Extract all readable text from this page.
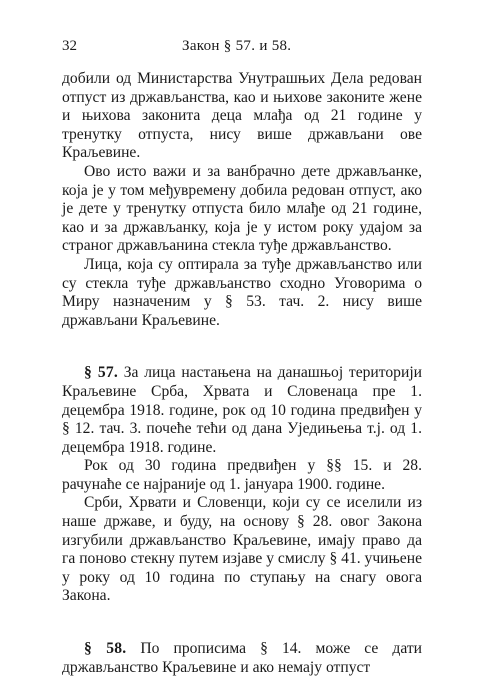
32	Закон § 57. и 58.

добили од Министарства Унутрашњих Дела редован отпуст из држављанства, као и њихове законите жене и њихова законита деца млађа од 21 године у тренутку отпуста, нису више држављани ове Краљевине.

Ово исто важи и за ванбрачно дете држављанке, која је у том међувремену добила редован отпуст, ако је дете у тренутку отпуста било млађе од 21 године, као и за држављанку, која је у истом року удајом за страног држављанина стекла туђе држављанство.

Лица, која су оптирала за туђе држављанство или су стекла туђе држављанство сходно Уговорима о Миру назначеним у § 53. тач. 2. нису више држављани Краљевине.

§ 57. За лица настањена на данашњој територији Краљевине Срба, Хрвата и Словенаца пре 1. децембра 1918. године, рок од 10 година предвиђен у § 12. тач. 3. почеће тећи од дана Уједињења т.ј. од 1. децембра 1918. године.

Рок од 30 година предвиђен у §§ 15. и 28. рачунаће се најраније од 1. јануара 1900. године.

Срби, Хрвати и Словенци, који су се иселили из наше државе, и буду, на основу § 28. овог Закона изгубили држављанство Краљевине, имају право да га поново стекну путем изјаве у смислу § 41. учињене у року од 10 година по ступању на снагу овога Закона.

§ 58. По прописима § 14. може се дати држављанство Краљевине и ако немају отпуст
